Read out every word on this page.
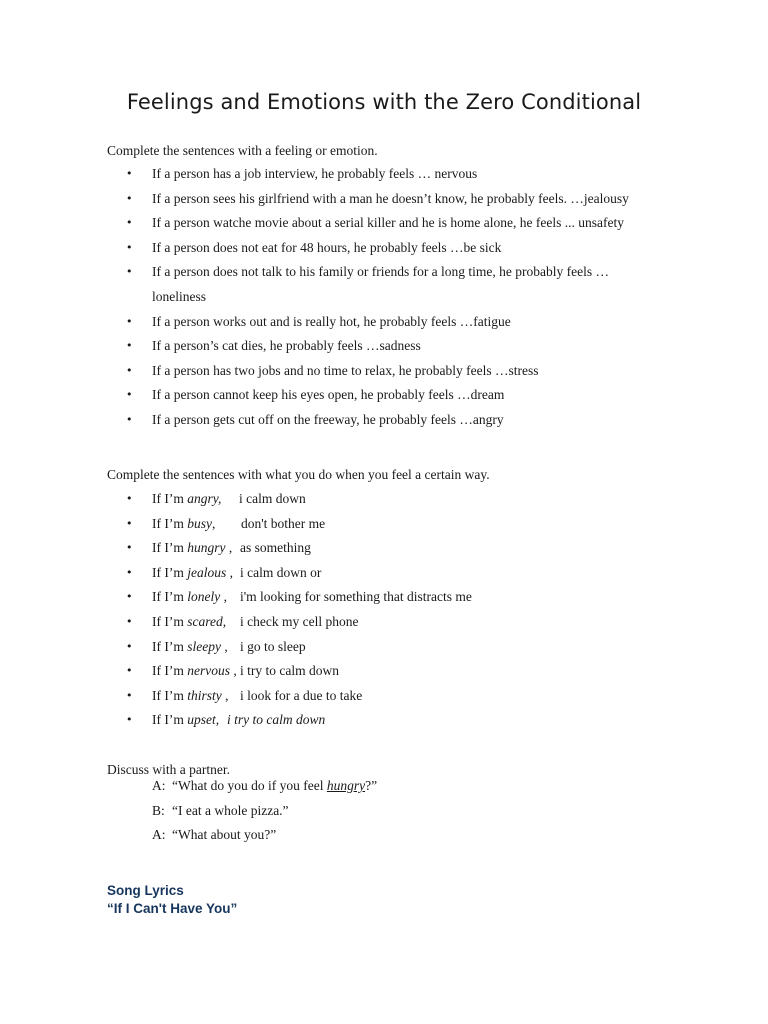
Feelings and Emotions with the Zero Conditional
Complete the sentences with a feeling or emotion.
• If a person has a job interview, he probably feels … nervous
• If a person sees his girlfriend with a man he doesn’t know, he probably feels. …jealousy
• If a person watche movie about a serial killer and he is home alone, he feels ... unsafety
• If a person does not eat for 48 hours, he probably feels …be sick
• If a person does not talk to his family or friends for a long time, he probably feels … loneliness
• If a person works out and is really hot, he probably feels …fatigue
• If a person’s cat dies, he probably feels …sadness
• If a person has two jobs and no time to relax, he probably feels …stress
• If a person cannot keep his eyes open, he probably feels …dream
• If a person gets cut off on the freeway, he probably feels …angry
Complete the sentences with what you do when you feel a certain way.
• If I’m angry, i calm down
• If I’m busy, don't bother me
• If I’m hungry , as something
• If I’m jealous , i calm down or
• If I’m lonely , i'm looking for something that distracts me
• If I’m scared, i check my cell phone
• If I’m sleepy , i go to sleep
• If I’m nervous , i try to calm down
• If I’m thirsty , i look for a due to take
• If I’m upset, i try to calm down
Discuss with a partner.
A: “What do you do if you feel hungry?”
B: “I eat a whole pizza.”
A: “What about you?”
Song Lyrics
“If I Can't Have You”
